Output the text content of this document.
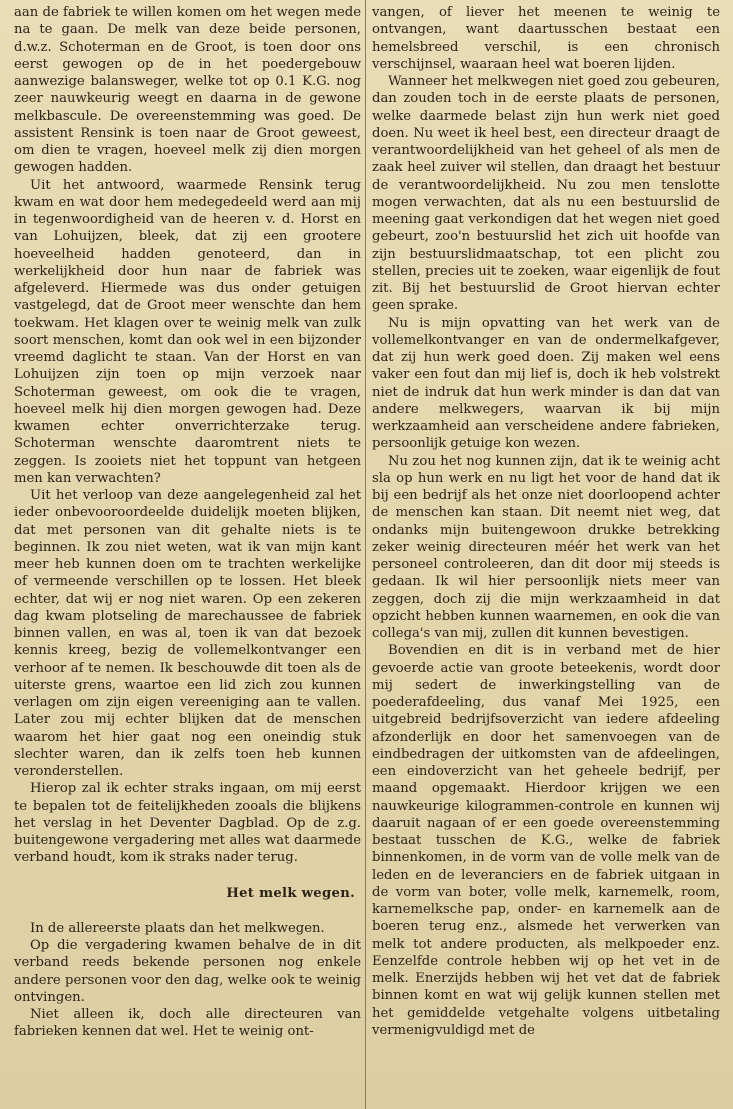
aan de fabriek te willen komen om het wegen mede na te gaan. De melk van deze beide personen, d.w.z. Schoterman en de Groot, is toen door ons eerst gewogen op de in het poedergebouw aanwezige balansweger, welke tot op 0.1 K.G. nog zeer nauwkeurig weegt en daarna in de gewone melkbascule. De overeenstemming was goed. De assistent Rensink is toen naar de Groot geweest, om dien te vragen, hoeveel melk zij dien morgen gewogen hadden.

Uit het antwoord, waarmede Rensink terug kwam en wat door hem medegedeeld werd aan mij in tegenwoordigheid van de heeren v. d. Horst en van Lohuijzen, bleek, dat zij een grootere hoeveelheid hadden genoteerd, dan in werkelijkheid door hun naar de fabriek was afgeleverd. Hiermede was dus onder getuigen vastgelegd, dat de Groot meer wenschte dan hem toekwam. Het klagen over te weinig melk van zulk soort menschen, komt dan ook wel in een bijzonder vreemd daglicht te staan. Van der Horst en van Lohuijzen zijn toen op mijn verzoek naar Schoterman geweest, om ook die te vragen, hoeveel melk hij dien morgen gewogen had. Deze kwamen echter onverrichterzake terug. Schoterman wenschte daaromtrent niets te zeggen. Is zooiets niet het toppunt van hetgeen men kan verwachten?

Uit het verloop van deze aangelegenheid zal het ieder onbevooroordeelde duidelijk moeten blijken, dat met personen van dit gehalte niets is te beginnen. Ik zou niet weten, wat ik van mijn kant meer heb kunnen doen om te trachten werkelijke of vermeende verschillen op te lossen. Het bleek echter, dat wij er nog niet waren. Op een zekeren dag kwam plotseling de marechaussee de fabriek binnen vallen, en was al, toen ik van dat bezoek kennis kreeg, bezig de vollemelkontvanger een verhoor af te nemen. Ik beschouwde dit toen als de uiterste grens, waartoe een lid zich zou kunnen verlagen om zijn eigen vereeniging aan te vallen. Later zou mij echter blijken dat de menschen waarom het hier gaat nog een oneindig stuk slechter waren, dan ik zelfs toen heb kunnen veronderstellen.

Hierop zal ik echter straks ingaan, om mij eerst te bepalen tot de feitelijkheden zooals die blijkens het verslag in het Deventer Dagblad. Op de z.g. buitengewone vergadering met alles wat daarmede verband houdt, kom ik straks nader terug.

Het melk wegen.

In de allereerste plaats dan het melkwegen.

Op die vergadering kwamen behalve de in dit verband reeds bekende personen nog enkele andere personen voor den dag, welke ook te weinig ontvingen.

Niet alleen ik, doch alle directeuren van fabrieken kennen dat wel. Het te weinig ont-

vangen, of liever het meenen te weinig te ontvangen, want daartusschen bestaat een hemelsbreed verschil, is een chronisch verschijnsel, waaraan heel wat boeren lijden.

Wanneer het melkwegen niet goed zou gebeuren, dan zouden toch in de eerste plaats de personen, welke daarmede belast zijn hun werk niet goed doen. Nu weet ik heel best, een directeur draagt de verantwoordelijkheid van het geheel of als men de zaak heel zuiver wil stellen, dan draagt het bestuur de verantwoordelijkheid. Nu zou men tenslotte mogen verwachten, dat als nu een bestuurslid de meening gaat verkondigen dat het wegen niet goed gebeurt, zoo'n bestuurslid het zich uit hoofde van zijn bestuurslidmaatschap, tot een plicht zou stellen, precies uit te zoeken, waar eigenlijk de fout zit. Bij het bestuurslid de Groot hiervan echter geen sprake.

Nu is mijn opvatting van het werk van de vollemelkontvanger en van de ondermelkafgever, dat zij hun werk goed doen. Zij maken wel eens vaker een fout dan mij lief is, doch ik heb volstrekt niet de indruk dat hun werk minder is dan dat van andere melkwegers, waarvan ik bij mijn werkzaamheid aan verscheidene andere fabrieken, persoonlijk getuige kon wezen.

Nu zou het nog kunnen zijn, dat ik te weinig acht sla op hun werk en nu ligt het voor de hand dat ik bij een bedrijf als het onze niet doorloopend achter de menschen kan staan. Dit neemt niet weg, dat ondanks mijn buitengewoon drukke betrekking zeker weinig directeuren méér het werk van het personeel controleeren, dan dit door mij steeds is gedaan. Ik wil hier persoonlijk niets meer van zeggen, doch zij die mijn werkzaamheid in dat opzicht hebben kunnen waarnemen, en ook die van collega's van mij, zullen dit kunnen bevestigen.

Bovendien en dit is in verband met de hier gevoerde actie van groote beteekenis, wordt door mij sedert de inwerkingstelling van de poederafdeeling, dus vanaf Mei 1925, een uitgebreid bedrijfsoverzicht van iedere afdeeling afzonderlijk en door het samenvoegen van de eindbedragen der uitkomsten van de afdeelingen, een eindoverzicht van het geheele bedrijf, per maand opgemaakt. Hierdoor krijgen we een nauwkeurige kilogrammen-controle en kunnen wij daaruit nagaan of er een goede overeenstemming bestaat tusschen de K.G., welke de fabriek binnenkomen, in de vorm van de volle melk van de leden en de leveranciers en de fabriek uitgaan in de vorm van boter, volle melk, karnemelk, room, karnemelksche pap, onder- en karnemelk aan de boeren terug enz., alsmede het verwerken van melk tot andere producten, als melkpoeder enz. Eenzelfde controle hebben wij op het vet in de melk. Enerzijds hebben wij het vet dat de fabriek binnen komt en wat wij gelijk kunnen stellen met het gemiddelde vetgehalte volgens uitbetaling vermenigvuldigd met de
